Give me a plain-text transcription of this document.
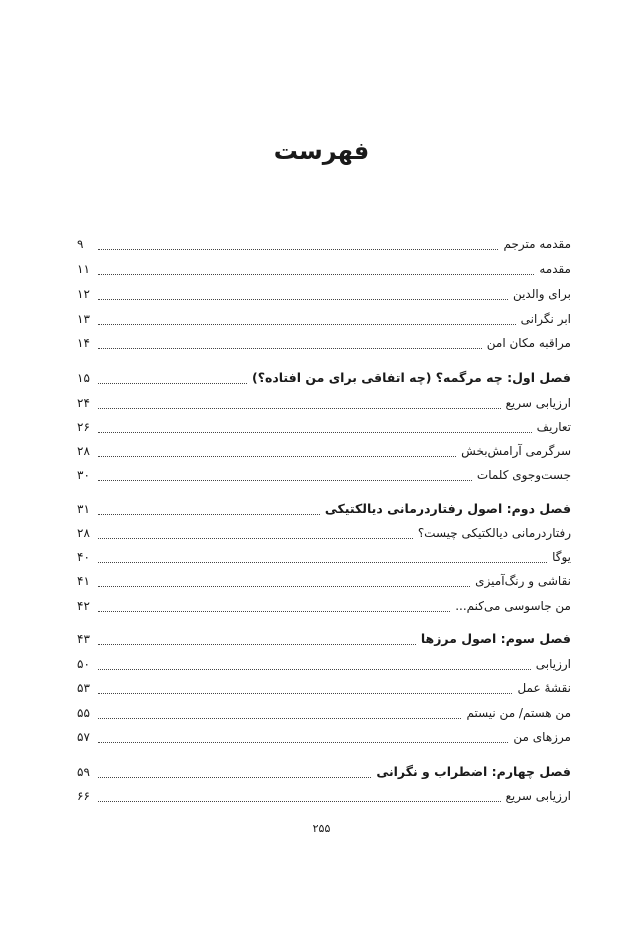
فهرست
مقدمه مترجم
۹
مقدمه
۱۱
برای والدین
۱۲
ابر نگرانی
۱۳
مراقبه مکان امن
۱۴
فصل اول: چه مرگمه؟ (چه اتفاقی برای من افتاده؟)
۱۵
ارزیابی سریع
۲۴
تعاریف
۲۶
سرگرمی آرامش‌بخش
۲۸
جست‌وجوی کلمات
۳۰
فصل دوم: اصول رفتاردرمانی دیالکتیکی
۳۱
رفتاردرمانی دیالکتیکی چیست؟
۲۸
یوگا
۴۰
نقاشی و رنگ‌آمیزی
۴۱
من جاسوسی می‌کنم...
۴۲
فصل سوم: اصول مرزها
۴۳
ارزیابی
۵۰
نقشهٔ عمل
۵۳
من هستم/ من نیستم
۵۵
مرزهای من
۵۷
فصل چهارم: اضطراب و نگرانی
۵۹
ارزیابی سریع
۶۶
۲۵۵
